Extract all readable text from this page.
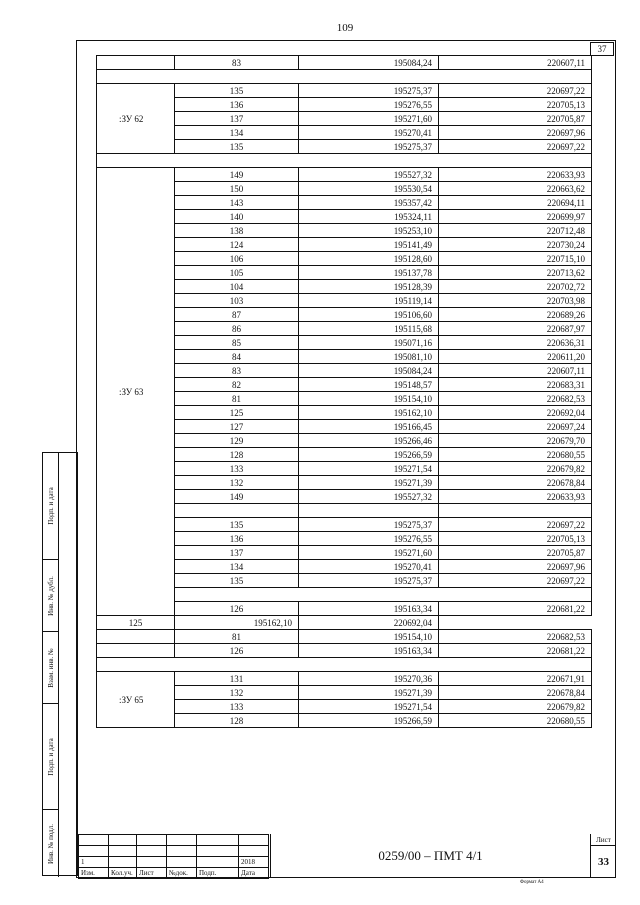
109
37
	83	195084,24	220607,11

:ЗУ 62	135	195275,37	220697,22
	136	195276,55	220705,13
	137	195271,60	220705,87
	134	195270,41	220697,96
	135	195275,37	220697,22

:ЗУ 63	149	195527,32	220633,93
	150	195530,54	220663,62
	143	195357,42	220694,11
	140	195324,11	220699,97
	138	195253,10	220712,48
	124	195141,49	220730,24
	106	195128,60	220715,10
	105	195137,78	220713,62
	104	195128,39	220702,72
	103	195119,14	220703,98
	87	195106,60	220689,26
	86	195115,68	220687,97
	85	195071,16	220636,31
	84	195081,10	220611,20
	83	195084,24	220607,11
	82	195148,57	220683,31
	81	195154,10	220682,53
	125	195162,10	220692,04
	127	195166,45	220697,24
	129	195266,46	220679,70
	128	195266,59	220680,55
	133	195271,54	220679,82
	132	195271,39	220678,84
	149	195527,32	220633,93

	135	195275,37	220697,22
	136	195276,55	220705,13
	137	195271,60	220705,87
	134	195270,41	220697,96
	135	195275,37	220697,22

	126	195163,34	220681,22
125	195162,10	220692,04	
	81	195154,10	220682,53
	126	195163,34	220681,22

:ЗУ 65	131	195270,36	220671,91
	132	195271,39	220678,84
	133	195271,54	220679,82
	128	195266,59	220680,55
Подп. и дата
Инв. № дубл.
Взам. инв. №
Подп. и дата
Инв. № подл.

						1					2018
Изм.	Кол.уч.	Лист	№док.	Подп.	Дата
0259/00 – ПМТ 4/1
Лист
33
Формат А4
